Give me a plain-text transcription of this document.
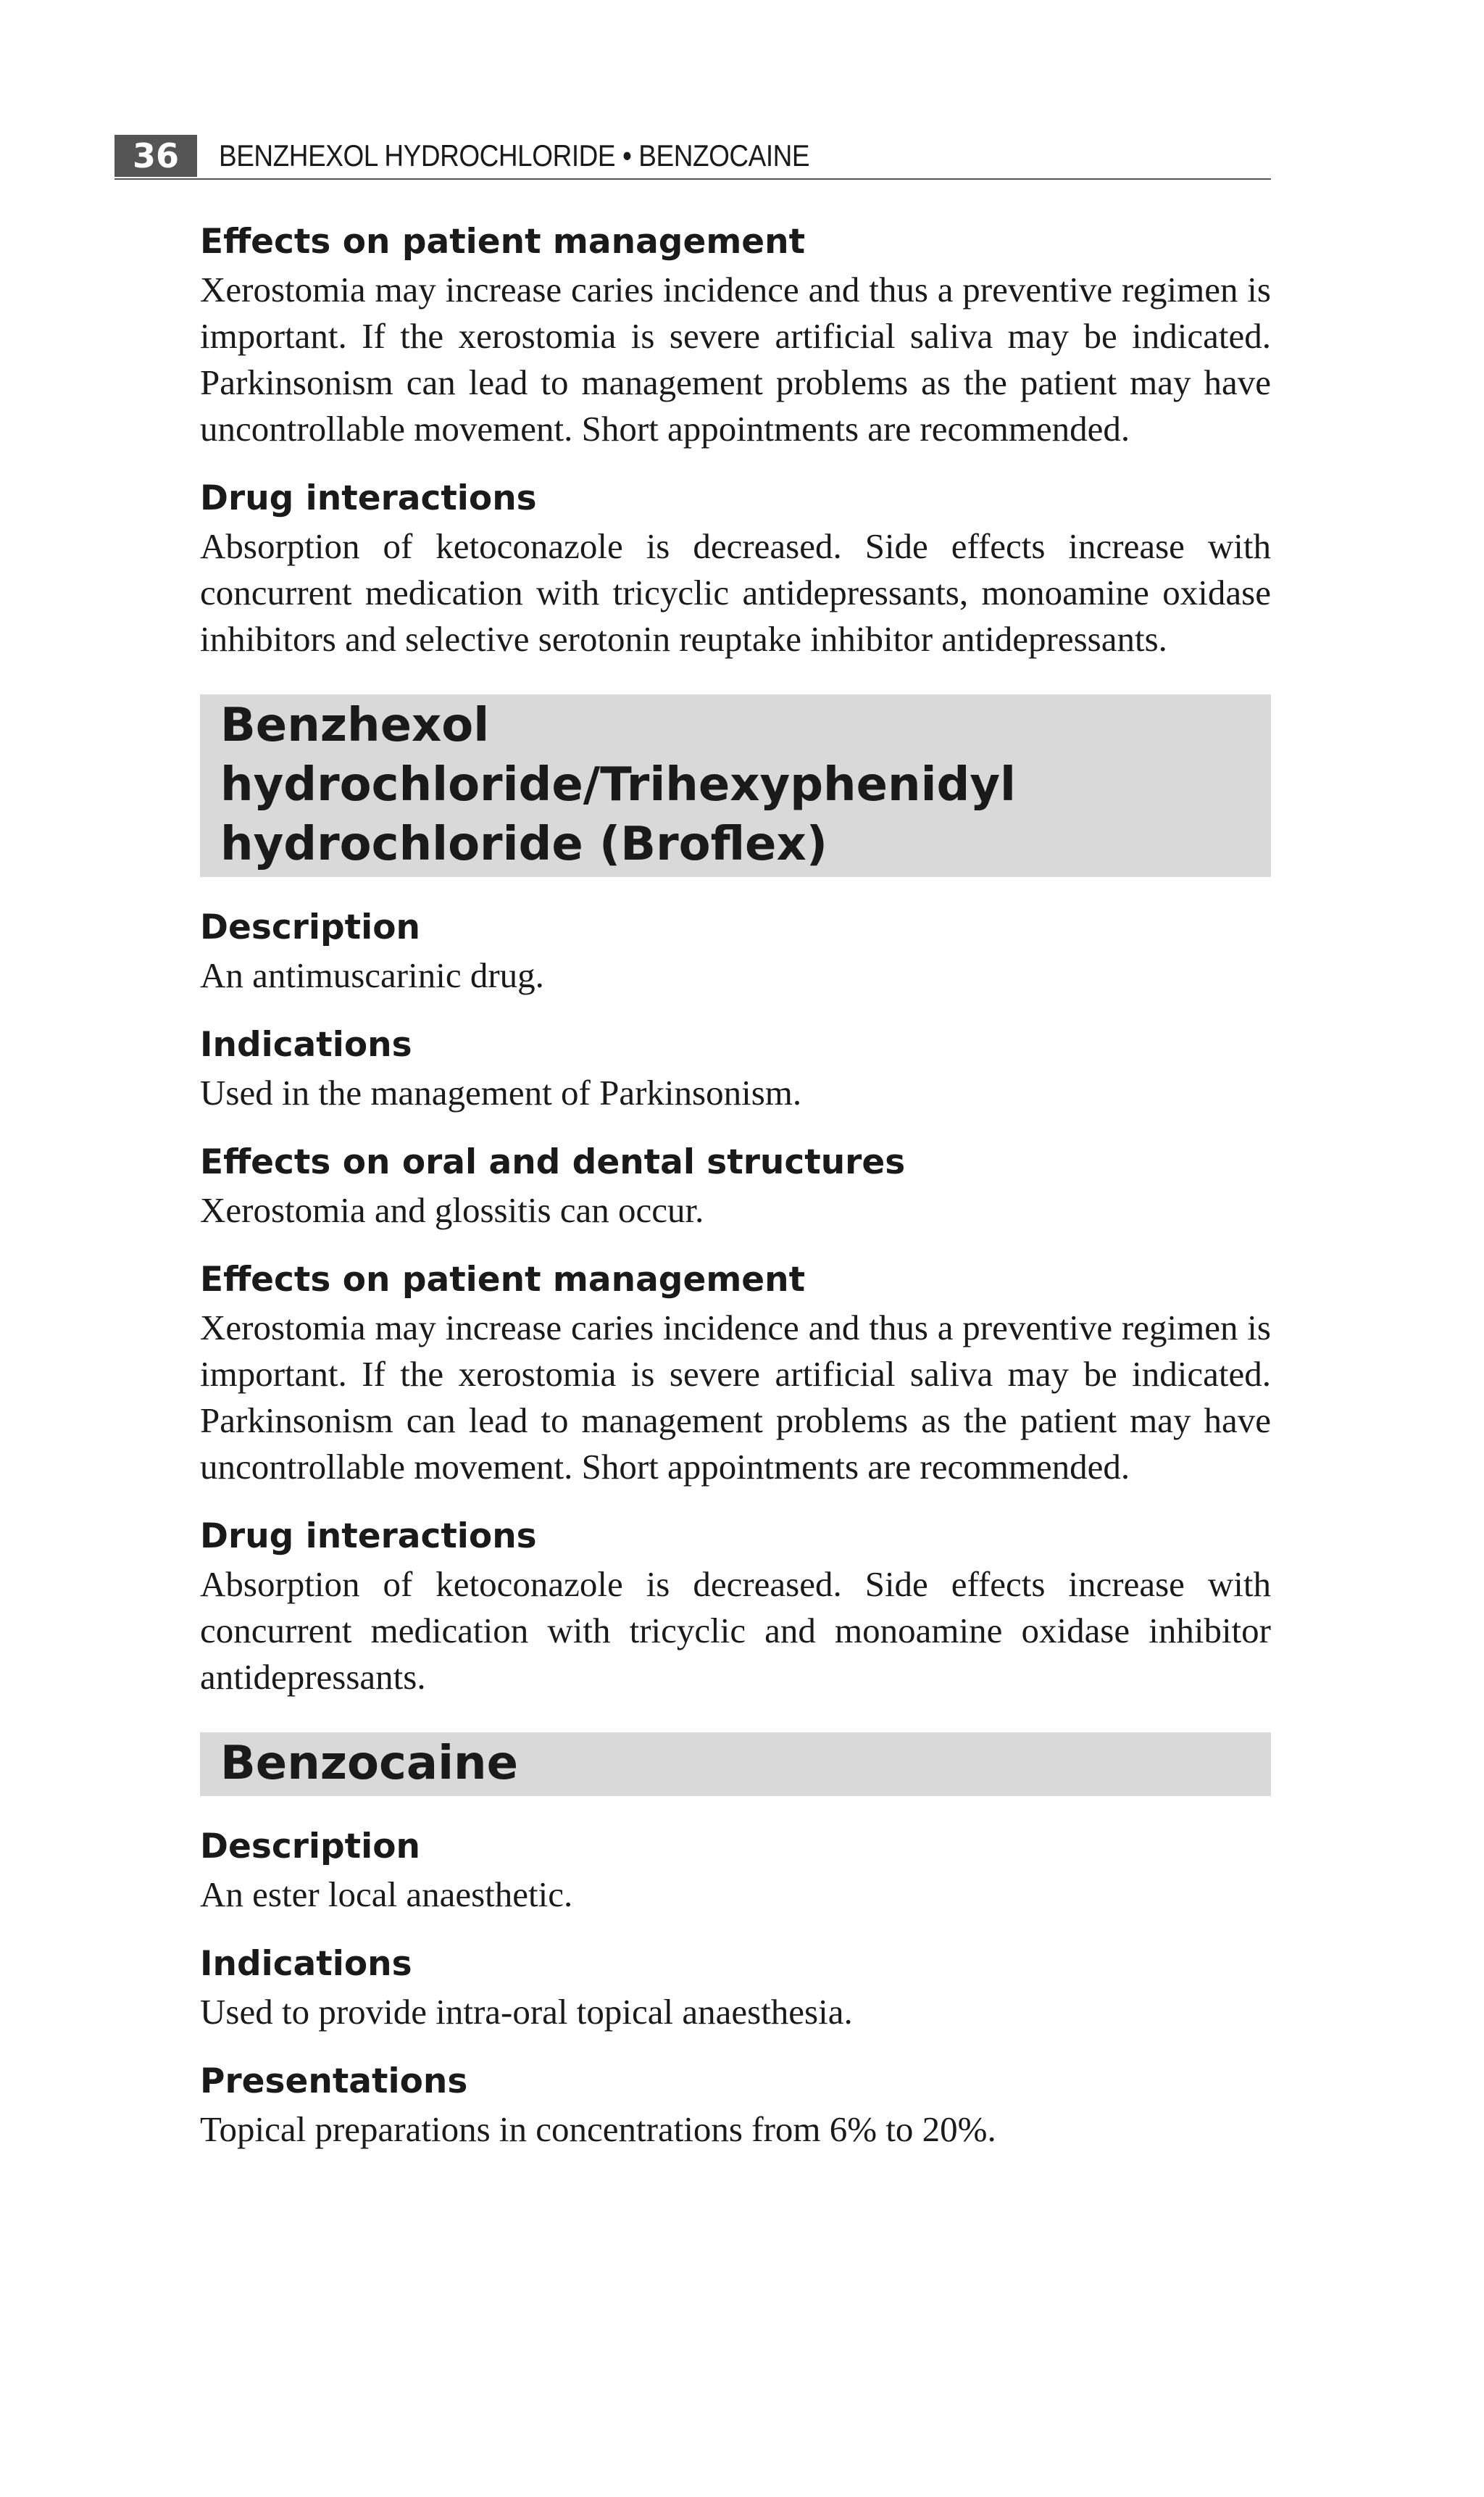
36	BENZHEXOL HYDROCHLORIDE • BENZOCAINE
Effects on patient management

Xerostomia may increase caries incidence and thus a preventive regimen is important. If the xerostomia is severe artificial saliva may be indicated. Parkinsonism can lead to management problems as the patient may have uncontrollable movement. Short appointments are recommended.

Drug interactions

Absorption of ketoconazole is decreased. Side effects increase with concurrent medication with tricyclic antidepressants, monoamine oxidase inhibitors and selective serotonin reuptake inhibitor antidepressants.

Benzhexol hydrochloride/Trihexyphenidyl
hydrochloride (Broflex)
Description

An antimuscarinic drug.

Indications

Used in the management of Parkinsonism.

Effects on oral and dental structures

Xerostomia and glossitis can occur.

Effects on patient management

Xerostomia may increase caries incidence and thus a preventive regimen is important. If the xerostomia is severe artificial saliva may be indicated. Parkinsonism can lead to management problems as the patient may have uncontrollable movement. Short appointments are recommended.

Drug interactions

Absorption of ketoconazole is decreased. Side effects increase with concurrent medication with tricyclic and monoamine oxidase inhibitor antidepressants.

Benzocaine
Description

An ester local anaesthetic.

Indications

Used to provide intra-oral topical anaesthesia.

Presentations

Topical preparations in concentrations from 6% to 20%.
